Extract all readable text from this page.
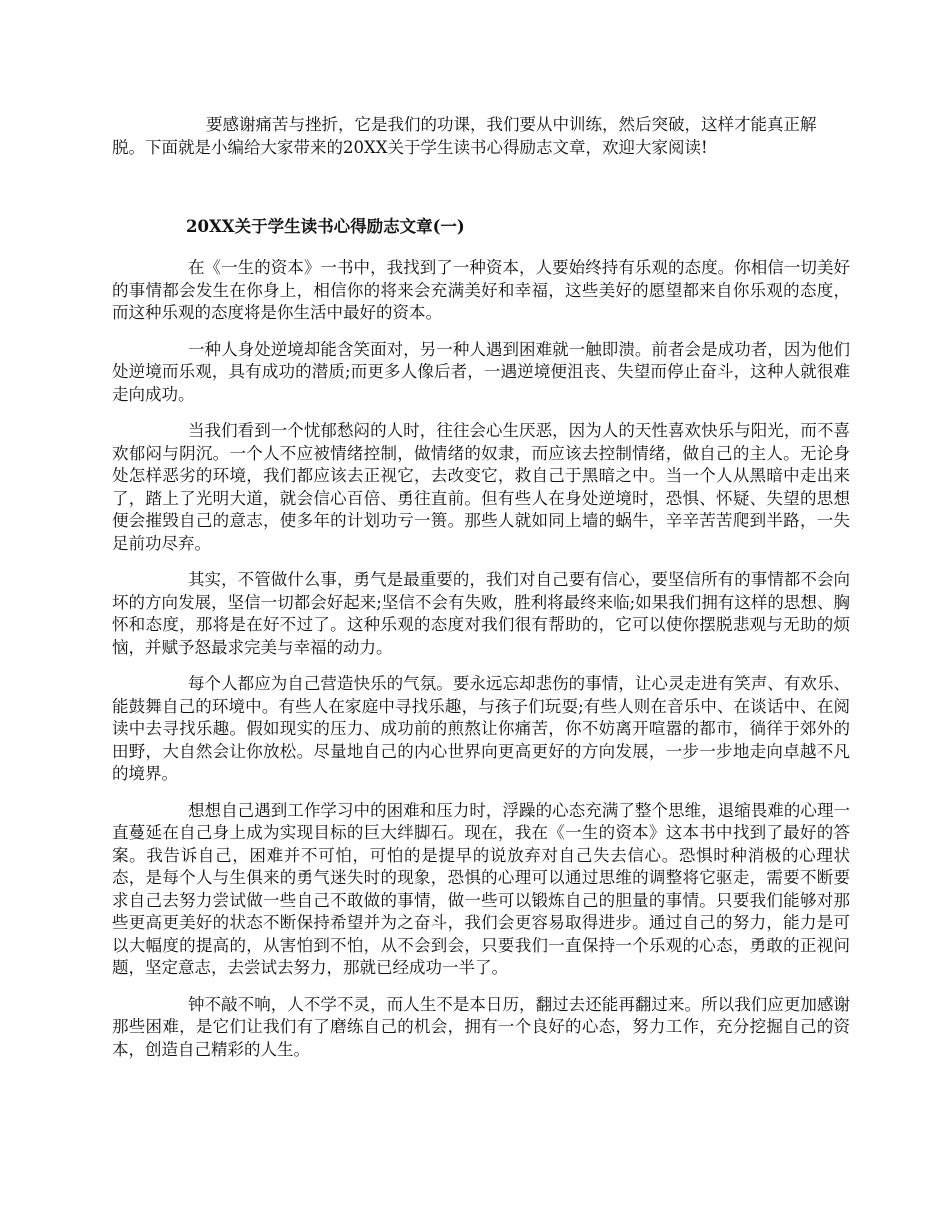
要感谢痛苦与挫折，它是我们的功课，我们要从中训练，然后突破，这样才能真正解脱。下面就是小编给大家带来的20XX关于学生读书心得励志文章，欢迎大家阅读!
20XX关于学生读书心得励志文章(一)

在《一生的资本》一书中，我找到了一种资本，人要始终持有乐观的态度。你相信一切美好的事情都会发生在你身上，相信你的将来会充满美好和幸福，这些美好的愿望都来自你乐观的态度，而这种乐观的态度将是你生活中最好的资本。

一种人身处逆境却能含笑面对，另一种人遇到困难就一触即溃。前者会是成功者，因为他们处逆境而乐观，具有成功的潜质;而更多人像后者，一遇逆境便沮丧、失望而停止奋斗，这种人就很难走向成功。

当我们看到一个忧郁愁闷的人时，往往会心生厌恶，因为人的天性喜欢快乐与阳光，而不喜欢郁闷与阴沉。一个人不应被情绪控制，做情绪的奴隶，而应该去控制情绪，做自己的主人。无论身处怎样恶劣的环境，我们都应该去正视它，去改变它，救自己于黑暗之中。当一个人从黑暗中走出来了，踏上了光明大道，就会信心百倍、勇往直前。但有些人在身处逆境时，恐惧、怀疑、失望的思想便会摧毁自己的意志，使多年的计划功亏一篑。那些人就如同上墙的蜗牛，辛辛苦苦爬到半路，一失足前功尽弃。

其实，不管做什么事，勇气是最重要的，我们对自己要有信心，要坚信所有的事情都不会向坏的方向发展，坚信一切都会好起来;坚信不会有失败，胜利将最终来临;如果我们拥有这样的思想、胸怀和态度，那将是在好不过了。这种乐观的态度对我们很有帮助的，它可以使你摆脱悲观与无助的烦恼，并赋予怒最求完美与幸福的动力。

每个人都应为自己营造快乐的气氛。要永远忘却悲伤的事情，让心灵走进有笑声、有欢乐、能鼓舞自己的环境中。有些人在家庭中寻找乐趣，与孩子们玩耍;有些人则在音乐中、在谈话中、在阅读中去寻找乐趣。假如现实的压力、成功前的煎熬让你痛苦，你不妨离开喧嚣的都市，徜徉于郊外的田野，大自然会让你放松。尽量地自己的内心世界向更高更好的方向发展，一步一步地走向卓越不凡的境界。

想想自己遇到工作学习中的困难和压力时，浮躁的心态充满了整个思维，退缩畏难的心理一直蔓延在自己身上成为实现目标的巨大绊脚石。现在，我在《一生的资本》这本书中找到了最好的答案。我告诉自己，困难并不可怕，可怕的是提早的说放弃对自己失去信心。恐惧时种消极的心理状态，是每个人与生俱来的勇气迷失时的现象，恐惧的心理可以通过思维的调整将它驱走，需要不断要求自己去努力尝试做一些自己不敢做的事情，做一些可以锻炼自己的胆量的事情。只要我们能够对那些更高更美好的状态不断保持希望并为之奋斗，我们会更容易取得进步。通过自己的努力，能力是可以大幅度的提高的，从害怕到不怕，从不会到会，只要我们一直保持一个乐观的心态，勇敢的正视问题，坚定意志，去尝试去努力，那就已经成功一半了。

钟不敲不响，人不学不灵，而人生不是本日历，翻过去还能再翻过来。所以我们应更加感谢那些困难，是它们让我们有了磨练自己的机会，拥有一个良好的心态，努力工作，充分挖掘自己的资本，创造自己精彩的人生。
